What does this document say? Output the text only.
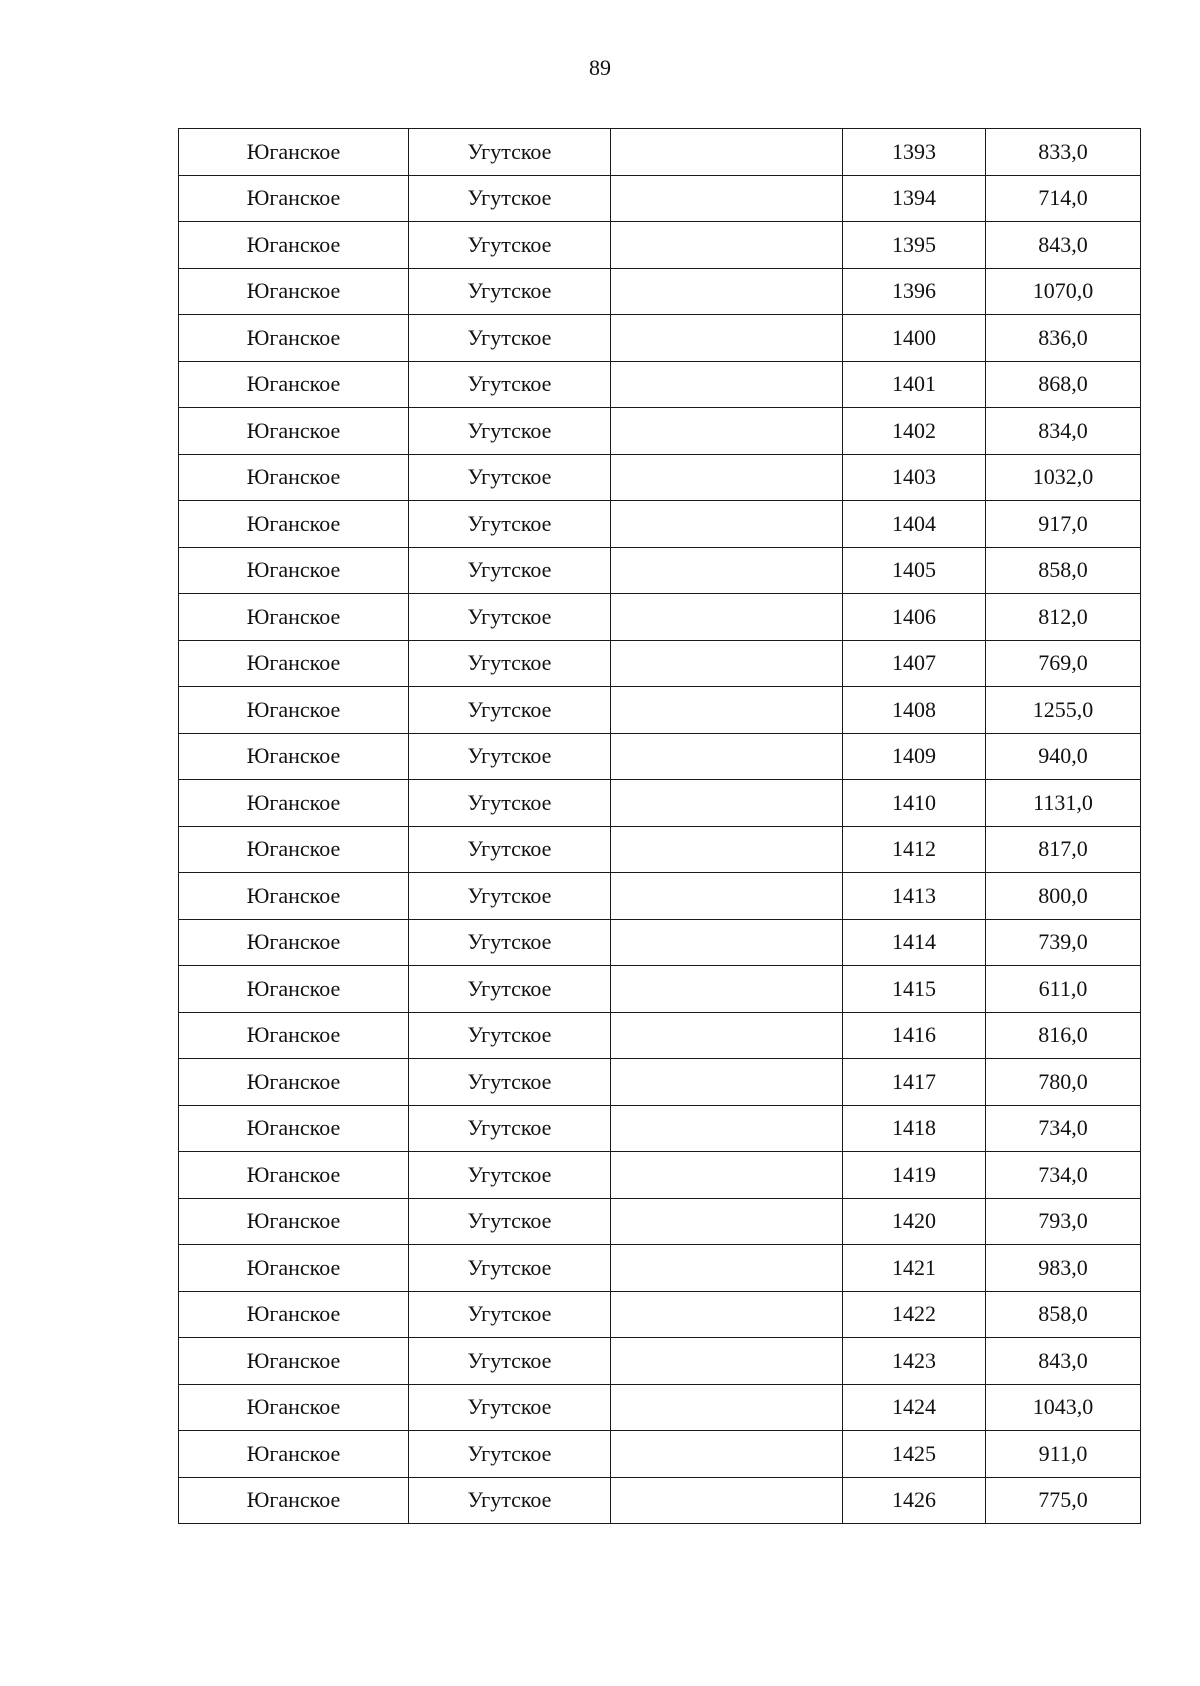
89
Юганское	Угутское		1393	833,0
Юганское	Угутское		1394	714,0
Юганское	Угутское		1395	843,0
Юганское	Угутское		1396	1070,0
Юганское	Угутское		1400	836,0
Юганское	Угутское		1401	868,0
Юганское	Угутское		1402	834,0
Юганское	Угутское		1403	1032,0
Юганское	Угутское		1404	917,0
Юганское	Угутское		1405	858,0
Юганское	Угутское		1406	812,0
Юганское	Угутское		1407	769,0
Юганское	Угутское		1408	1255,0
Юганское	Угутское		1409	940,0
Юганское	Угутское		1410	1131,0
Юганское	Угутское		1412	817,0
Юганское	Угутское		1413	800,0
Юганское	Угутское		1414	739,0
Юганское	Угутское		1415	611,0
Юганское	Угутское		1416	816,0
Юганское	Угутское		1417	780,0
Юганское	Угутское		1418	734,0
Юганское	Угутское		1419	734,0
Юганское	Угутское		1420	793,0
Юганское	Угутское		1421	983,0
Юганское	Угутское		1422	858,0
Юганское	Угутское		1423	843,0
Юганское	Угутское		1424	1043,0
Юганское	Угутское		1425	911,0
Юганское	Угутское		1426	775,0
